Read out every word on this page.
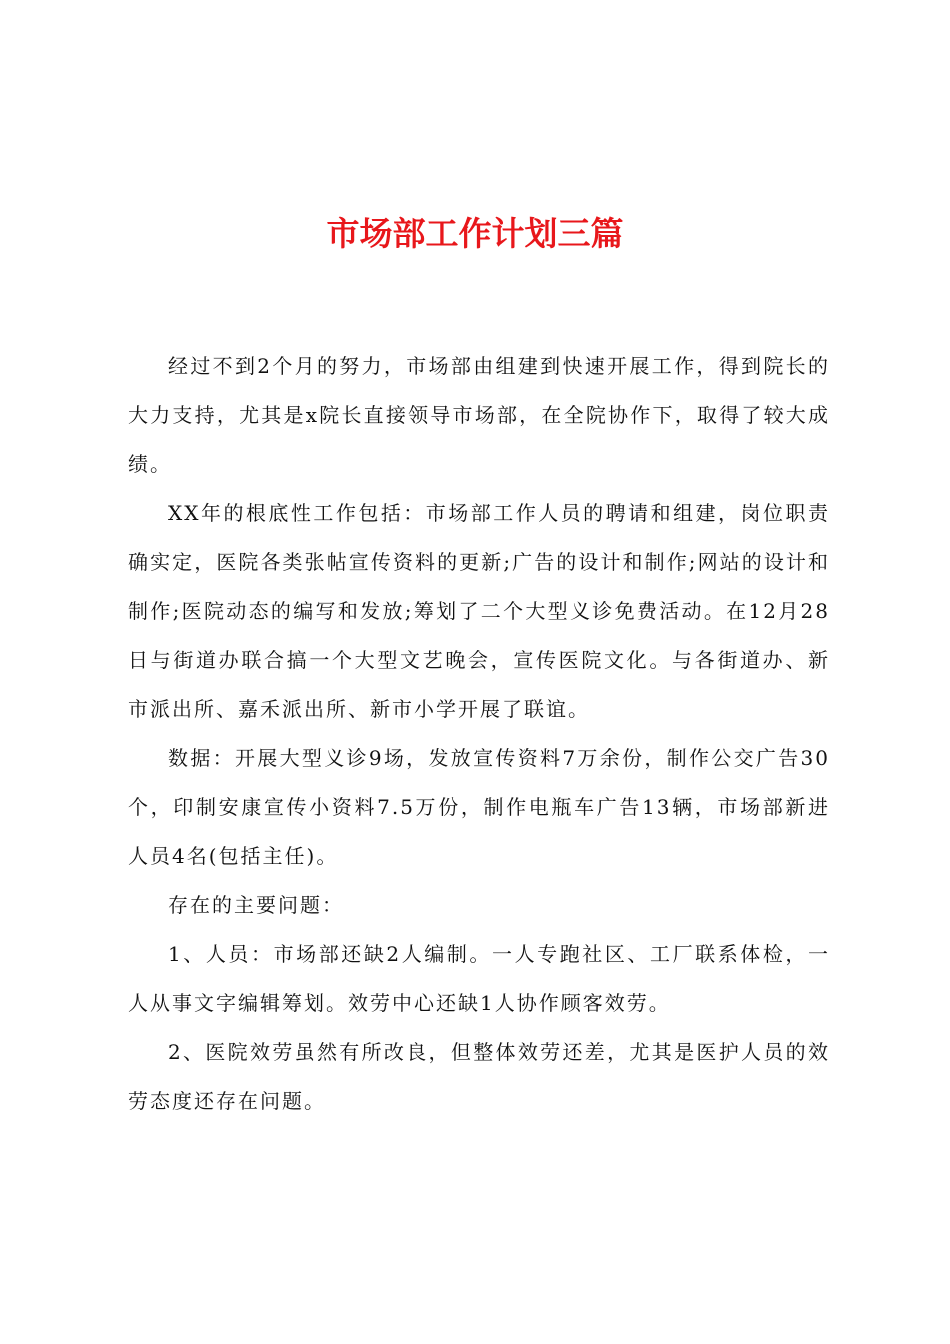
市场部工作计划三篇

经过不到2个月的努力，市场部由组建到快速开展工作，得到院长的大力支持，尤其是x院长直接领导市场部，在全院协作下，取得了较大成绩。

XX年的根底性工作包括：市场部工作人员的聘请和组建，岗位职责确实定，医院各类张帖宣传资料的更新;广告的设计和制作;网站的设计和制作;医院动态的编写和发放;筹划了二个大型义诊免费活动。在12月28日与街道办联合搞一个大型文艺晚会，宣传医院文化。与各街道办、新市派出所、嘉禾派出所、新市小学开展了联谊。

数据：开展大型义诊9场，发放宣传资料7万余份，制作公交广告30个，印制安康宣传小资料7.5万份，制作电瓶车广告13辆，市场部新进人员4名(包括主任)。

存在的主要问题：

1、人员：市场部还缺2人编制。一人专跑社区、工厂联系体检，一人从事文字编辑筹划。效劳中心还缺1人协作顾客效劳。

2、医院效劳虽然有所改良，但整体效劳还差，尤其是医护人员的效劳态度还存在问题。
